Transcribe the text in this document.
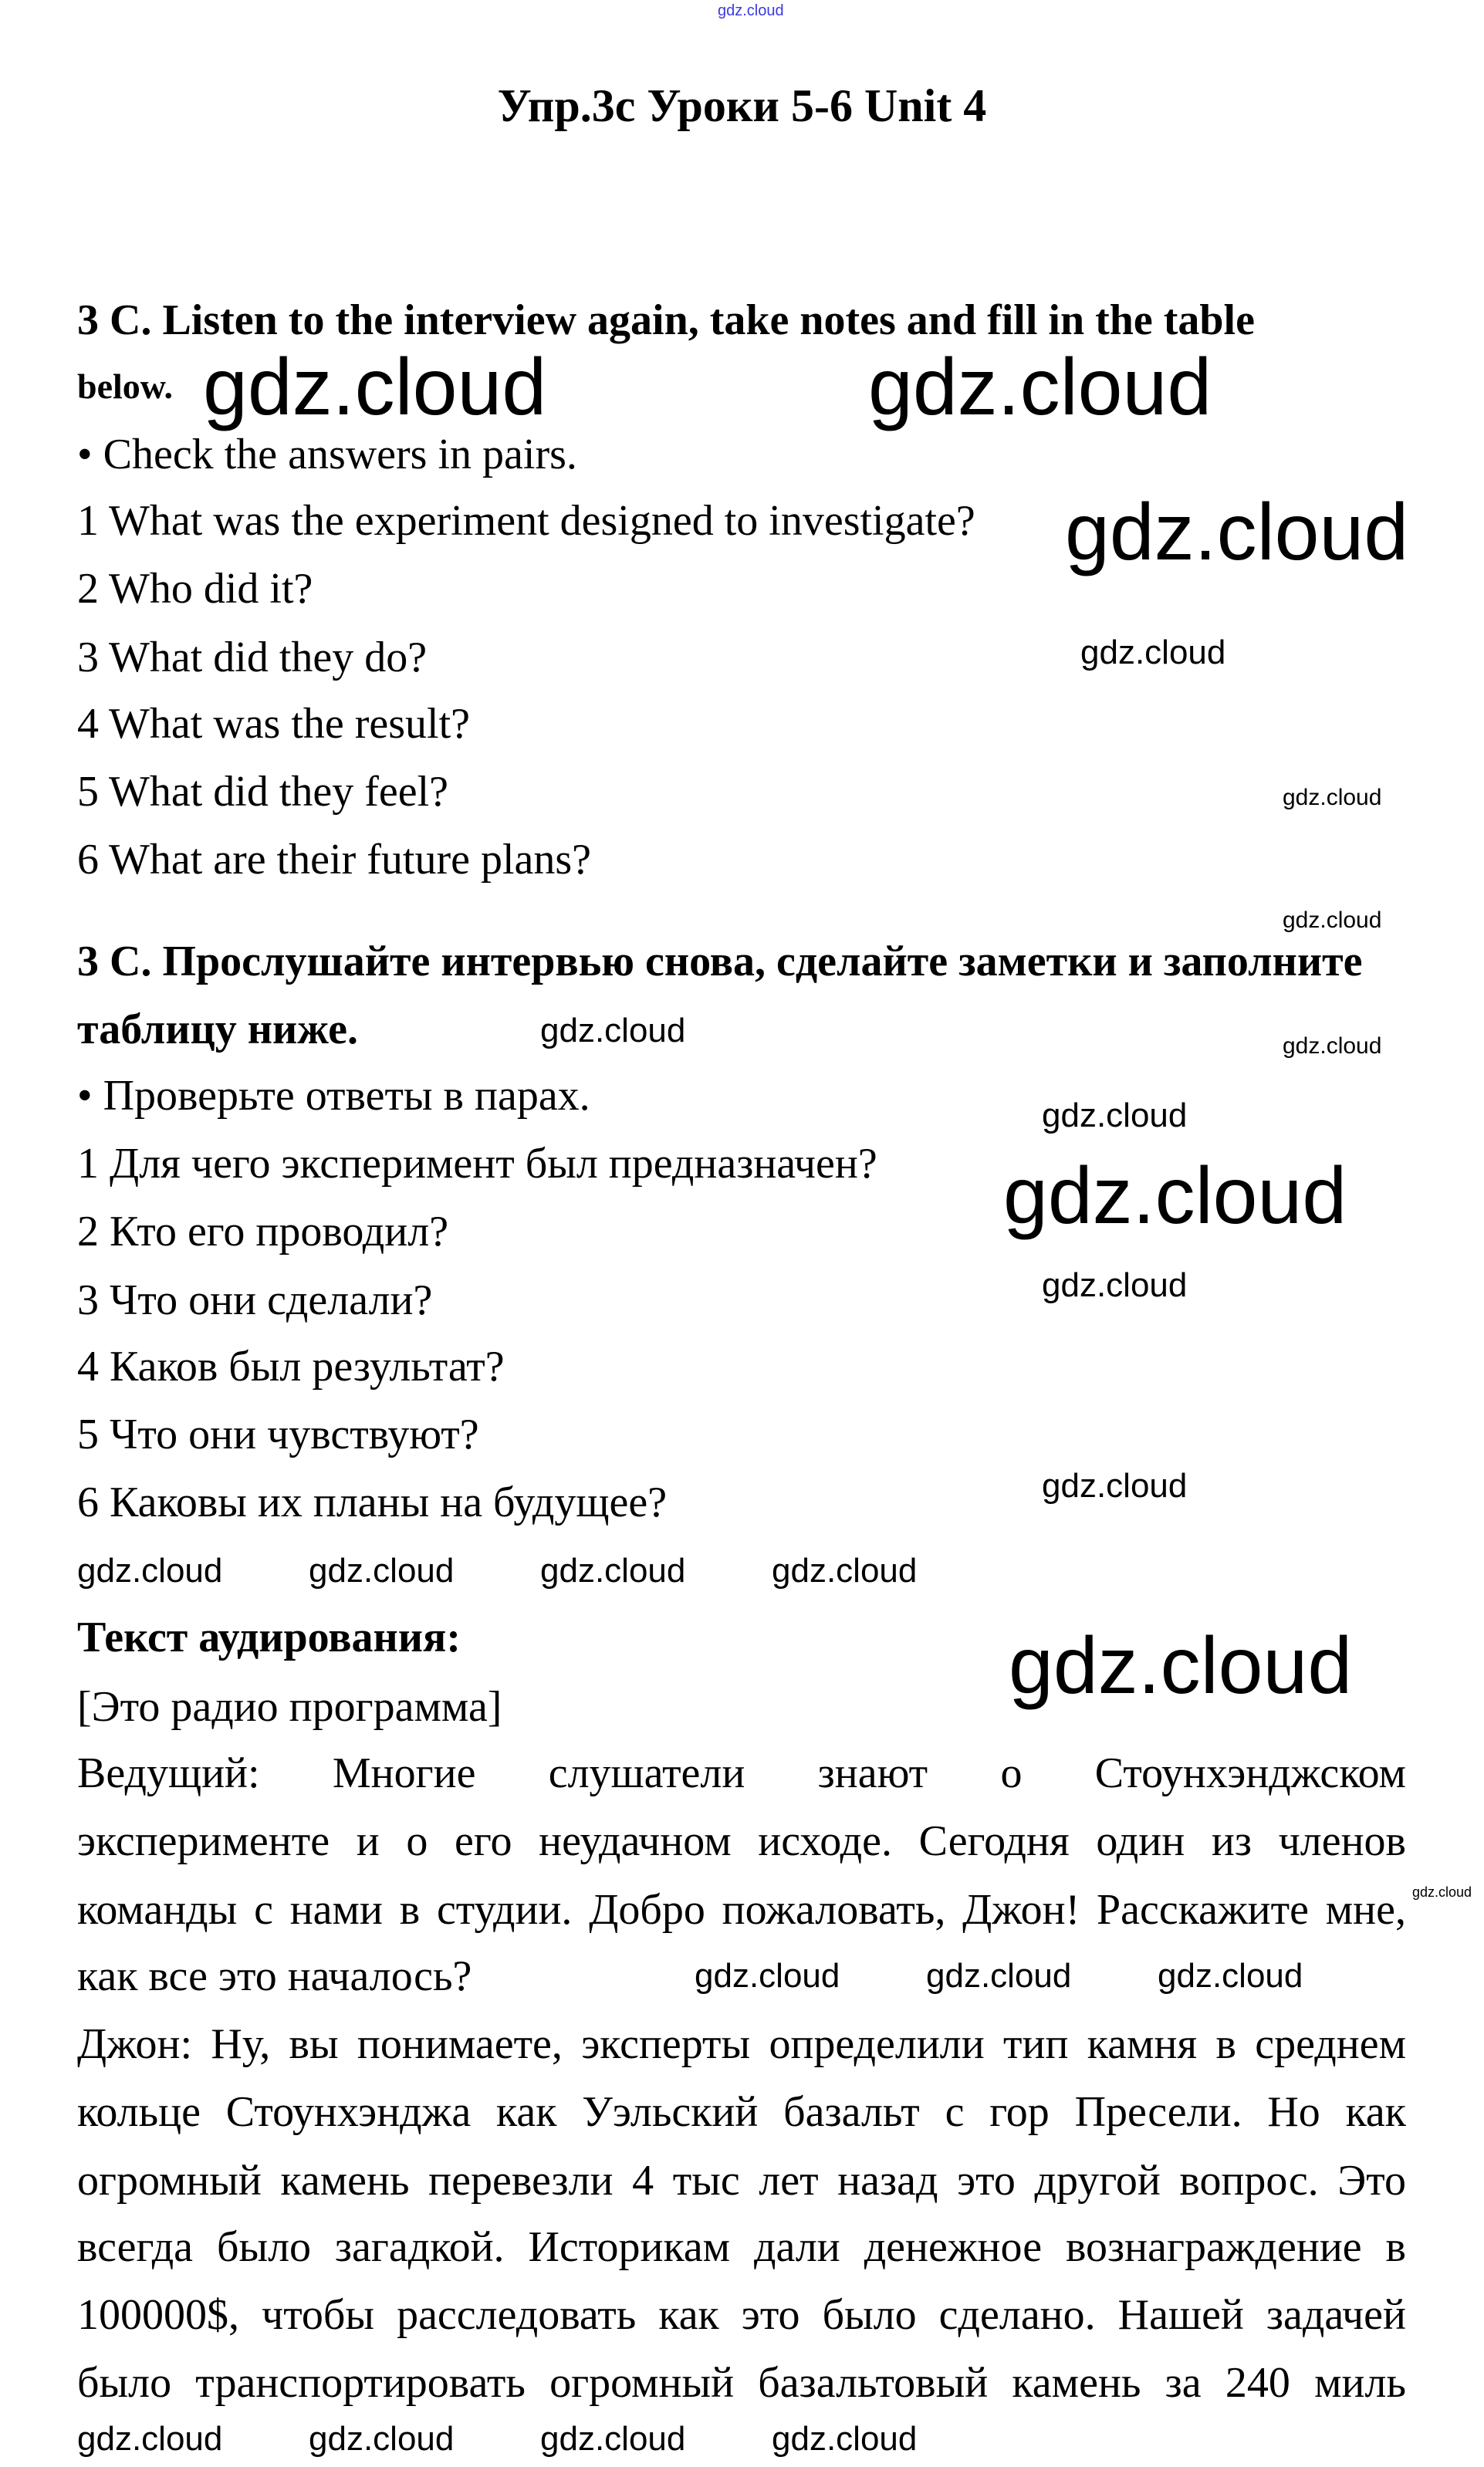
gdz.cloud
Упр.3с Уроки 5-6 Unit 4
3 C. Listen to the interview again, take notes and fill in the table
below.
• Check the answers in pairs.
1 What was the experiment designed to investigate?
2 Who did it?
3 What did they do?
4 What was the result?
5 What did they feel?
6 What are their future plans?
3 С. Прослушайте интервью снова, сделайте заметки и заполните
таблицу ниже.
• Проверьте ответы в парах.
1 Для чего эксперимент был предназначен?
2 Кто его проводил?
3 Что они сделали?
4 Каков был результат?
5 Что они чувствуют?
6 Каковы их планы на будущее?
Текст аудирования:
[Это радио программа]
Ведущий: Многие слушатели знают о Стоунхэнджском
эксперименте и о его неудачном исходе. Сегодня один из членов
команды с нами в студии. Добро пожаловать, Джон! Расскажите мне,
как все это началось?
Джон: Ну, вы понимаете, эксперты определили тип камня в среднем
кольце Стоунхэнджа как Уэльский базальт с гор Пресели. Но как
огромный камень перевезли 4 тыс лет назад это другой вопрос. Это
всегда было загадкой. Историкам дали денежное вознаграждение в
100000$, чтобы расследовать как это было сделано. Нашей задачей
было транспортировать огромный базальтовый камень за 240 миль
gdz.cloud	gdz.cloud
gdz.cloud
gdz.cloud
gdz.cloud
gdz.cloud
gdz.cloud
gdz.cloud
gdz.cloud
gdz.cloud
gdz.cloud	gdz.cloud	gdz.cloud	gdz.cloud
gdz.cloud	gdz.cloud	gdz.cloud
gdz.cloud	gdz.cloud	gdz.cloud	gdz.cloud
gdz.cloud
gdz.cloud
gdz.cloud
gdz.cloud
